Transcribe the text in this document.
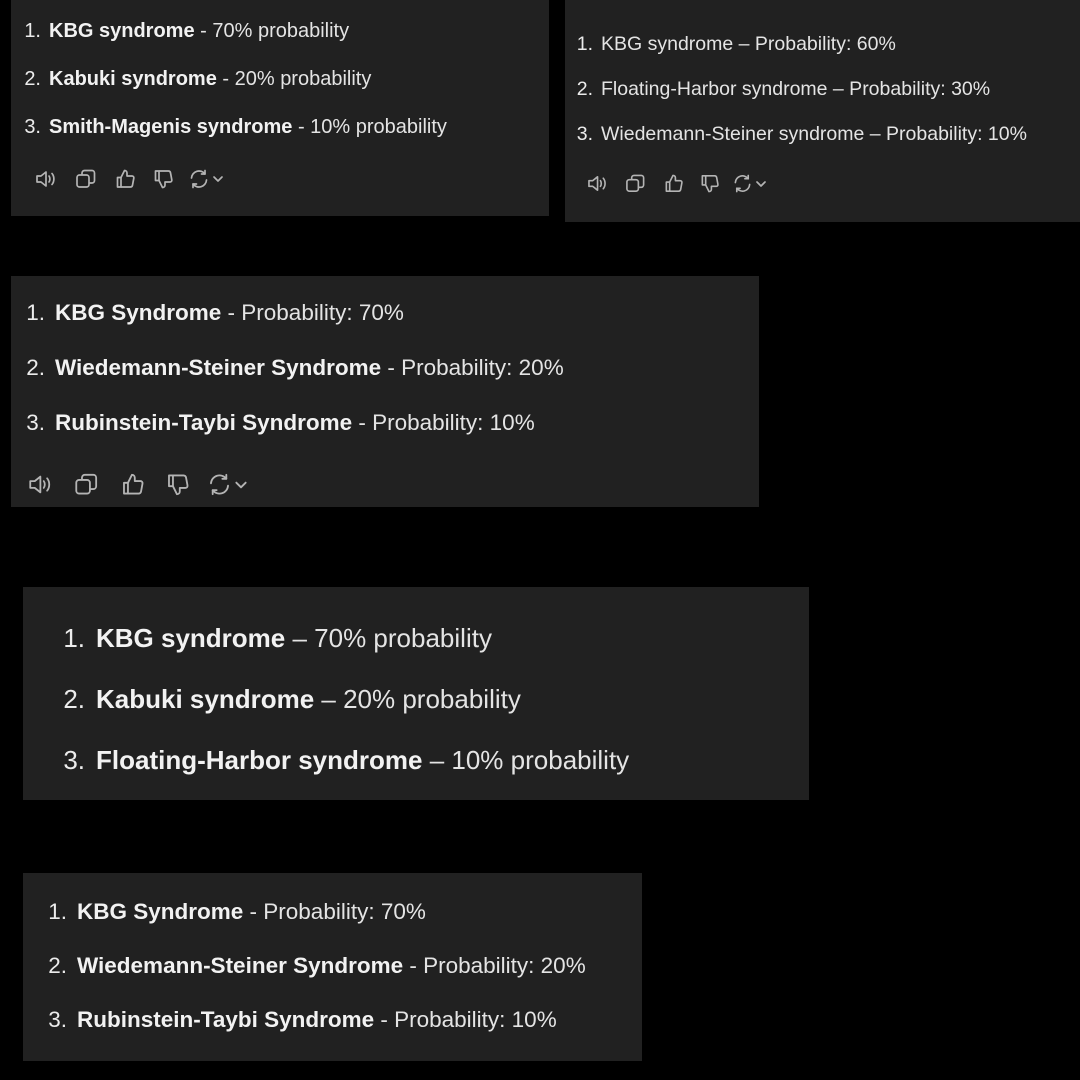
1. KBG syndrome - 70% probability
2. Kabuki syndrome - 20% probability
3. Smith-Magenis syndrome - 10% probability
1. KBG syndrome – Probability: 60%
2. Floating-Harbor syndrome – Probability: 30%
3. Wiedemann-Steiner syndrome – Probability: 10%
1. KBG Syndrome - Probability: 70%
2. Wiedemann-Steiner Syndrome - Probability: 20%
3. Rubinstein-Taybi Syndrome - Probability: 10%
1. KBG syndrome – 70% probability
2. Kabuki syndrome – 20% probability
3. Floating-Harbor syndrome – 10% probability
1. KBG Syndrome - Probability: 70%
2. Wiedemann-Steiner Syndrome - Probability: 20%
3. Rubinstein-Taybi Syndrome - Probability: 10%
